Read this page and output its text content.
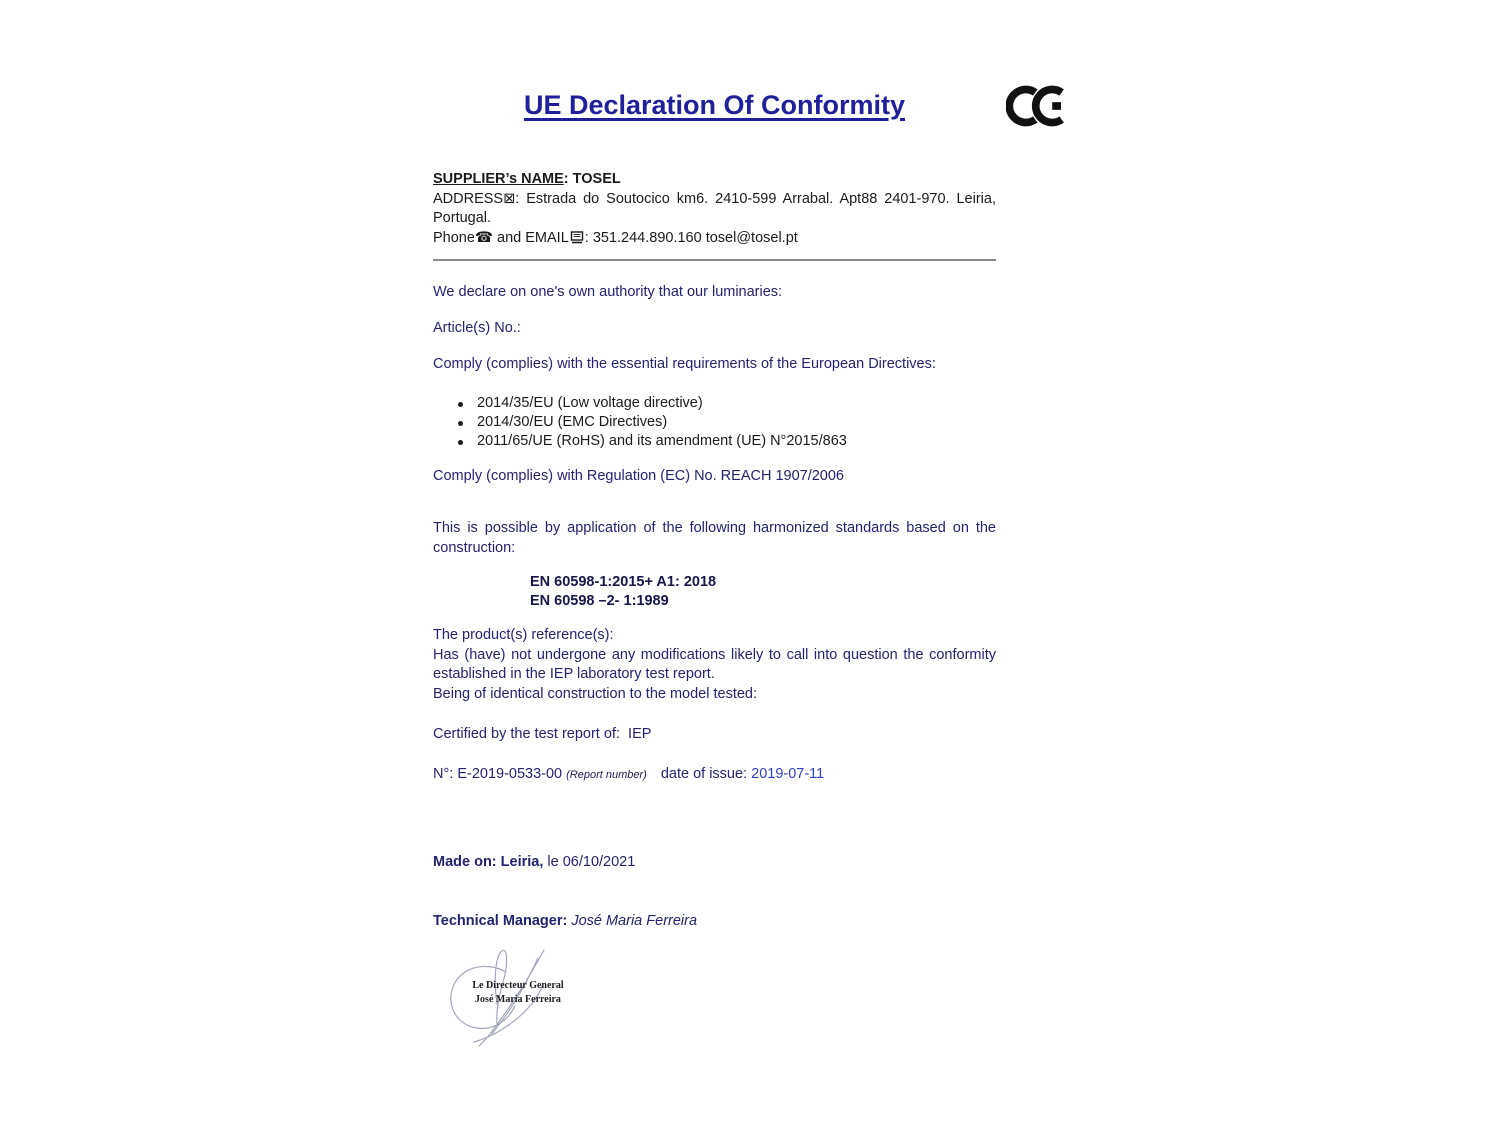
UE Declaration Of Conformity
SUPPLIER’s NAME: TOSEL
ADDRESS⊠: Estrada do Soutocico km6. 2410-599 Arrabal. Apt88 2401-970. Leiria, Portugal.
Phone☎ and EMAIL : 351.244.890.160 tosel@tosel.pt

We declare on one's own authority that our luminaries:

Article(s) No.:

Comply (complies) with the essential requirements of the European Directives:

2014/35/EU (Low voltage directive)
2014/30/EU (EMC Directives)
2011/65/UE (RoHS) and its amendment (UE) N°2015/863

Comply (complies) with Regulation (EC) No. REACH 1907/2006

This is possible by application of the following harmonized standards based on the construction:

EN 60598-1:2015+ A1: 2018
EN 60598 –2- 1:1989
The product(s) reference(s):
Has (have) not undergone any modifications likely to call into question the conformity established in the IEP laboratory test report.
Being of identical construction to the model tested:

Certified by the test report of: IEP

N°: E-2019-0533-00 (Report number) date of issue: 2019-07-11

Made on: Leiria, le 06/10/2021

Technical Manager: José Maria Ferreira

Le Directeur General
José Maria Ferreira
